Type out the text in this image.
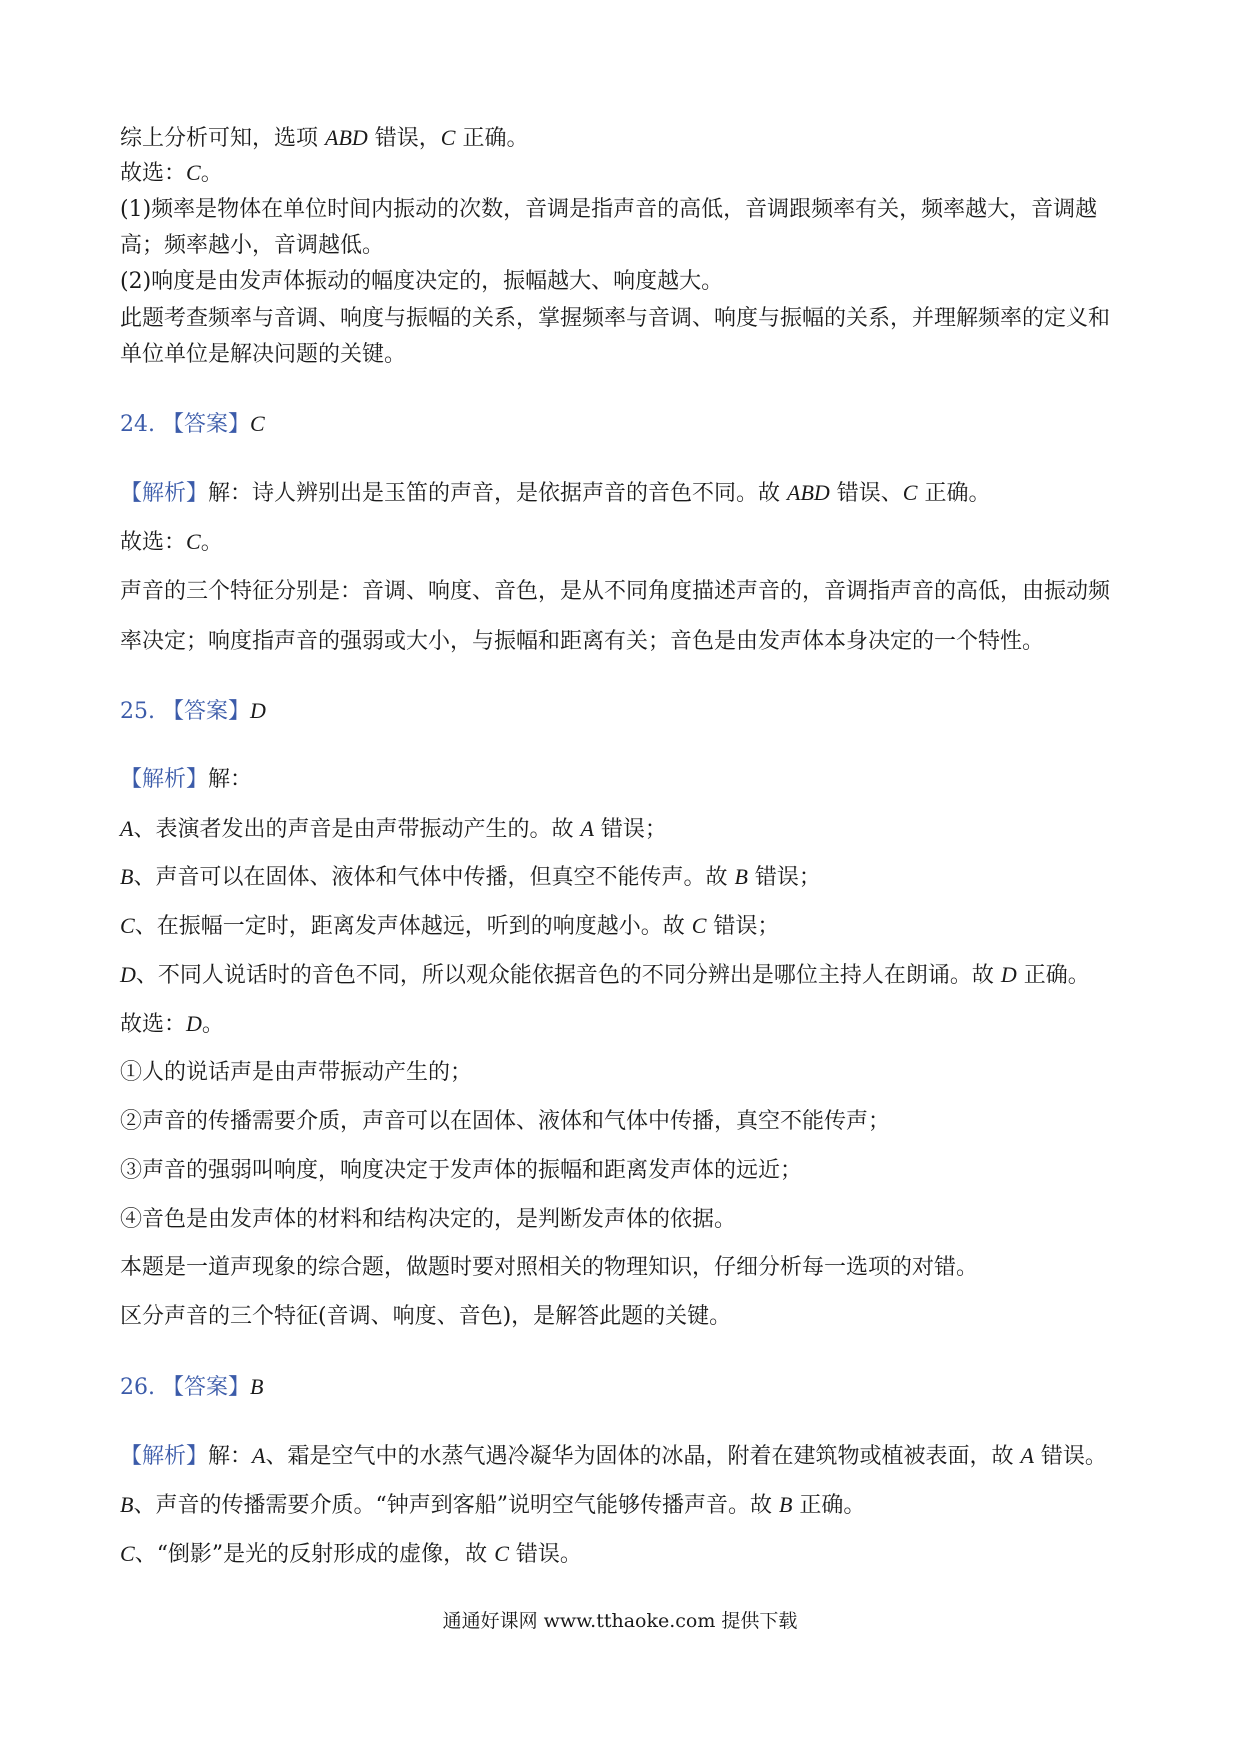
综上分析可知，选项 ABD 错误，C 正确。
故选：C。
(1)频率是物体在单位时间内振动的次数，音调是指声音的高低，音调跟频率有关，频率越大，音调越
高；频率越小，音调越低。
(2)响度是由发声体振动的幅度决定的，振幅越大、响度越大。
此题考查频率与音调、响度与振幅的关系，掌握频率与音调、响度与振幅的关系，并理解频率的定义和
单位单位是解决问题的关键。
24. 【答案】C
【解析】解：诗人辨别出是玉笛的声音，是依据声音的音色不同。故 ABD 错误、C 正确。
故选：C。
声音的三个特征分别是：音调、响度、音色，是从不同角度描述声音的，音调指声音的高低，由振动频
率决定；响度指声音的强弱或大小，与振幅和距离有关；音色是由发声体本身决定的一个特性。
25. 【答案】D
【解析】解：
A、表演者发出的声音是由声带振动产生的。故 A 错误；
B、声音可以在固体、液体和气体中传播，但真空不能传声。故 B 错误；
C、在振幅一定时，距离发声体越远，听到的响度越小。故 C 错误；
D、不同人说话时的音色不同，所以观众能依据音色的不同分辨出是哪位主持人在朗诵。故 D 正确。
故选：D。
①人的说话声是由声带振动产生的；
②声音的传播需要介质，声音可以在固体、液体和气体中传播，真空不能传声；
③声音的强弱叫响度，响度决定于发声体的振幅和距离发声体的远近；
④音色是由发声体的材料和结构决定的，是判断发声体的依据。
本题是一道声现象的综合题，做题时要对照相关的物理知识，仔细分析每一选项的对错。
区分声音的三个特征(音调、响度、音色)，是解答此题的关键。
26. 【答案】B
【解析】解：A、霜是空气中的水蒸气遇冷凝华为固体的冰晶，附着在建筑物或植被表面，故 A 错误。
B、声音的传播需要介质。“钟声到客船”说明空气能够传播声音。故 B 正确。
C、“倒影”是光的反射形成的虚像，故 C 错误。
通通好课网 www.tthaoke.com 提供下载
